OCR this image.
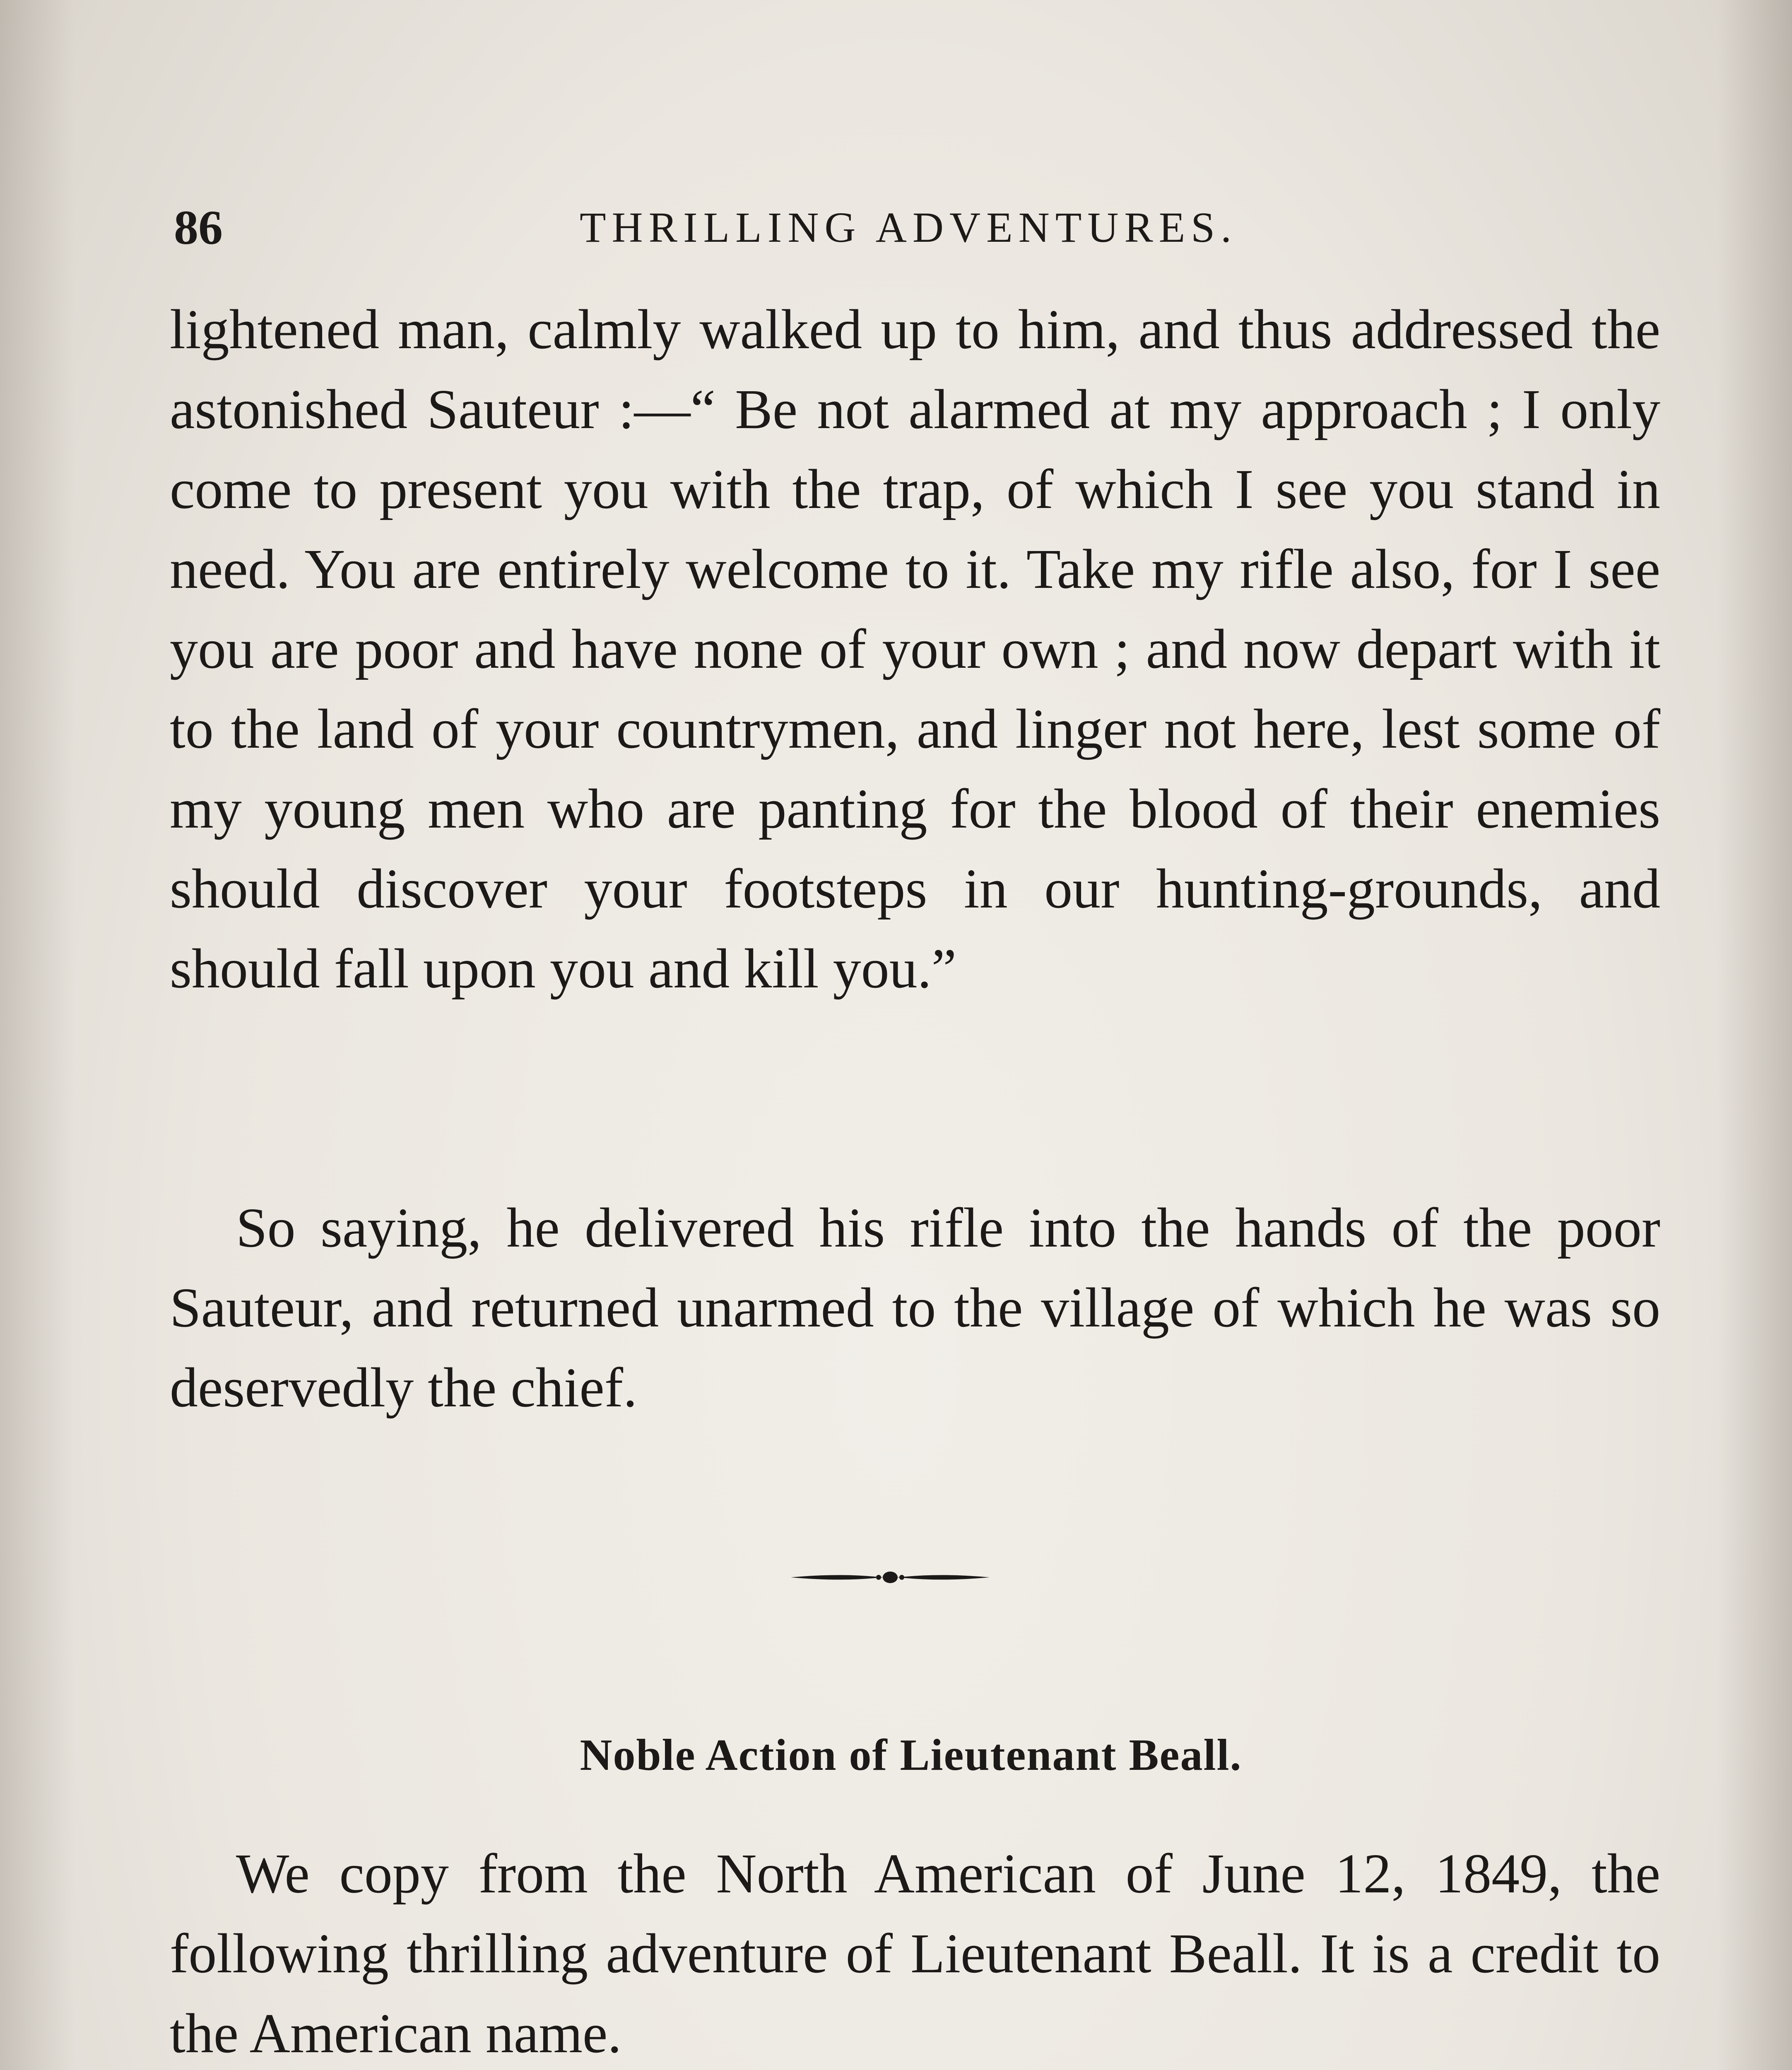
86	THRILLING ADVENTURES.

lightened man, calmly walked up to him, and thus addressed the astonished Sauteur :—“ Be not alarmed at my approach ; I only come to present you with the trap, of which I see you stand in need. You are entirely welcome to it. Take my rifle also, for I see you are poor and have none of your own ; and now depart with it to the land of your countrymen, and linger not here, lest some of my young men who are panting for the blood of their enemies should discover your footsteps in our hunting-grounds, and should fall upon you and kill you.”

So saying, he delivered his rifle into the hands of the poor Sauteur, and returned unarmed to the village of which he was so deservedly the chief.

Noble Action of Lieutenant Beall.

We copy from the North American of June 12, 1849, the following thrilling adventure of Lieutenant Beall. It is a credit to the American name.
